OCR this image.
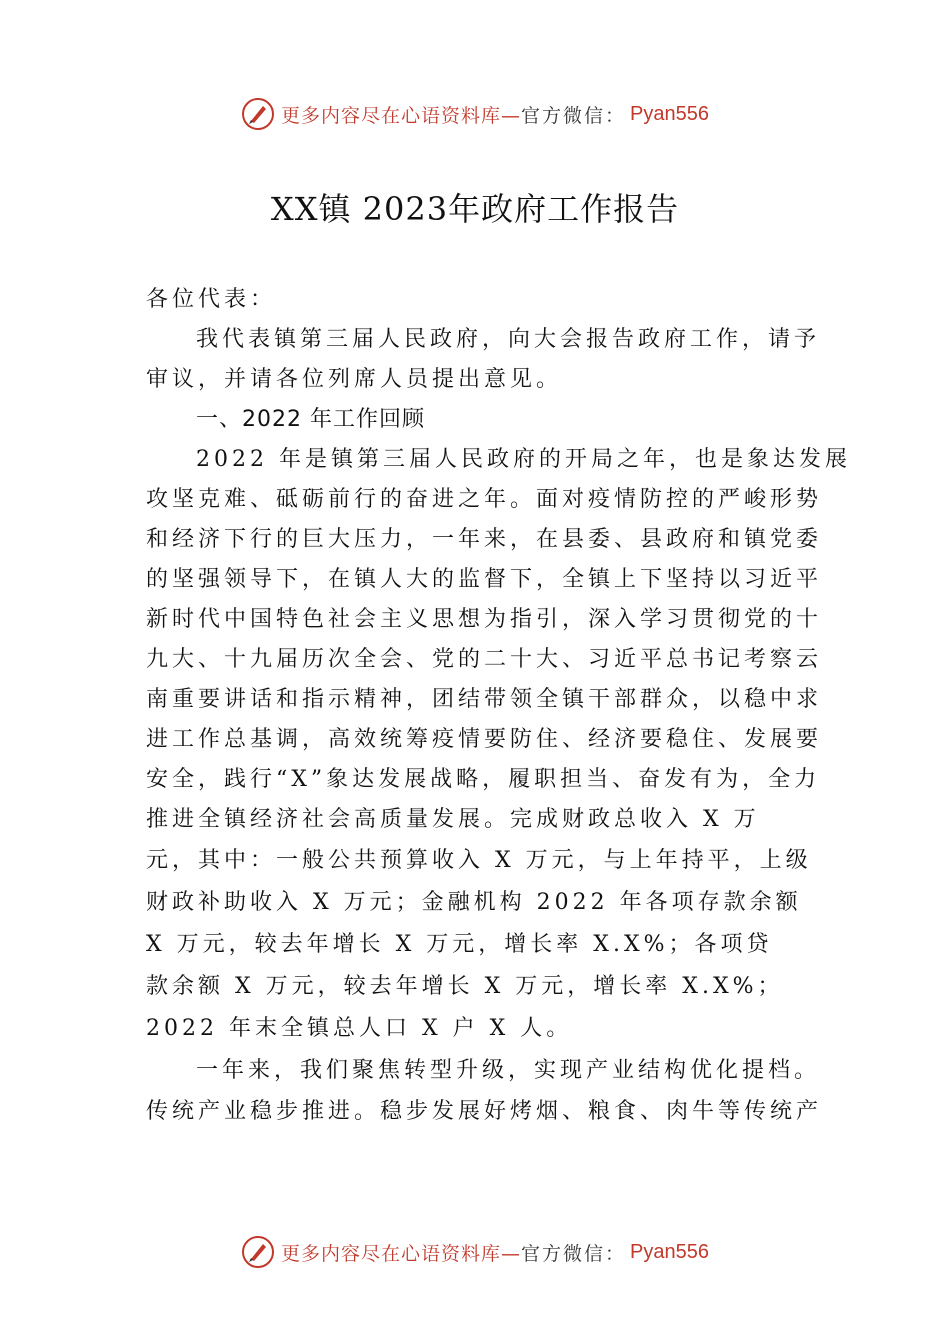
更多内容尽在心语资料库— 官方微信： Pyan556
XX镇 2023年政府工作报告
各位代表：
我代表镇第三届人民政府，向大会报告政府工作，请予
审议，并请各位列席人员提出意见。
一、2022 年工作回顾
2022 年是镇第三届人民政府的开局之年，也是象达发展
攻坚克难、砥砺前行的奋进之年。面对疫情防控的严峻形势
和经济下行的巨大压力，一年来，在县委、县政府和镇党委
的坚强领导下，在镇人大的监督下，全镇上下坚持以习近平
新时代中国特色社会主义思想为指引，深入学习贯彻党的十
九大、十九届历次全会、党的二十大、习近平总书记考察云
南重要讲话和指示精神，团结带领全镇干部群众，以稳中求
进工作总基调，高效统筹疫情要防住、经济要稳住、发展要
安全，践行“X”象达发展战略，履职担当、奋发有为，全力
推进全镇经济社会高质量发展。完成财政总收入 X 万
元，其中：一般公共预算收入 X 万元，与上年持平，上级
财政补助收入 X 万元；金融机构 2022 年各项存款余额
X 万元，较去年增长 X 万元，增长率 X.X%；各项贷
款余额 X 万元，较去年增长 X 万元，增长率 X.X%；
2022 年末全镇总人口 X 户 X 人。
一年来，我们聚焦转型升级，实现产业结构优化提档。
传统产业稳步推进。稳步发展好烤烟、粮食、肉牛等传统产
更多内容尽在心语资料库— 官方微信： Pyan556
